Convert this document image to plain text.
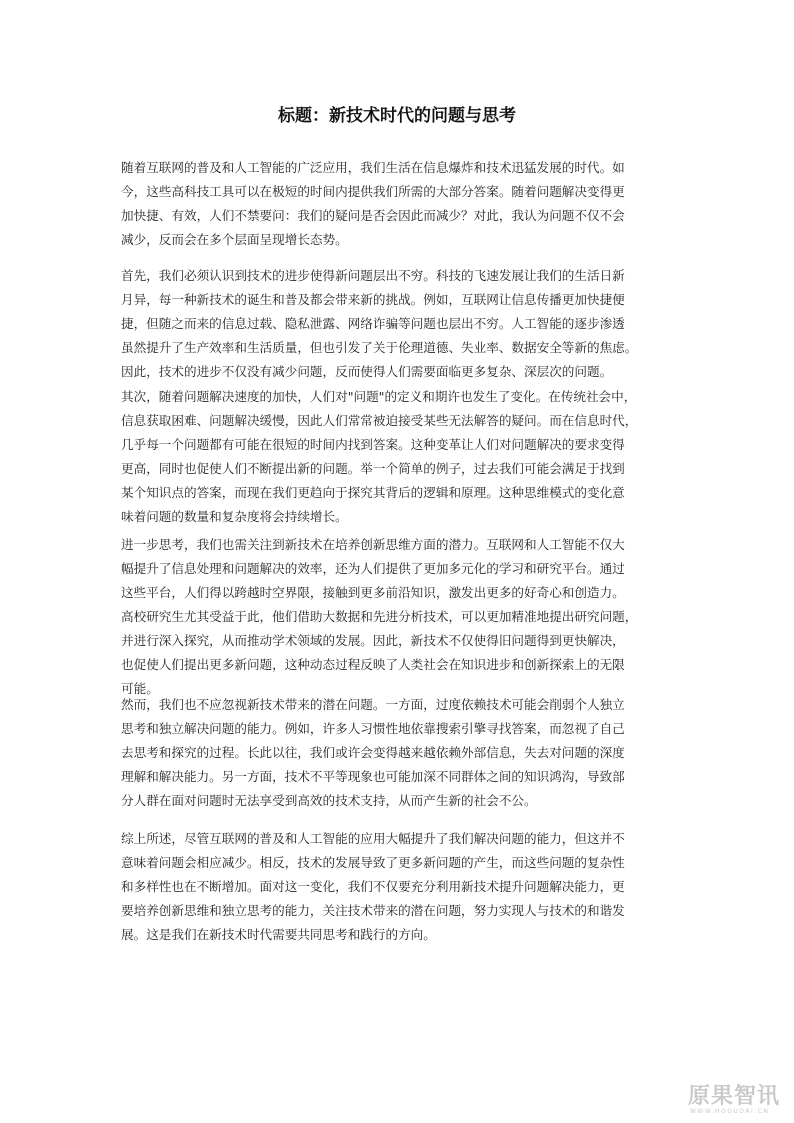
标题：新技术时代的问题与思考
随着互联网的普及和人工智能的广泛应用，我们生活在信息爆炸和技术迅猛发展的时代。如
今，这些高科技工具可以在极短的时间内提供我们所需的大部分答案。随着问题解决变得更
加快捷、有效，人们不禁要问：我们的疑问是否会因此而减少？对此，我认为问题不仅不会
减少，反而会在多个层面呈现增长态势。
首先，我们必须认识到技术的进步使得新问题层出不穷。科技的飞速发展让我们的生活日新
月异，每一种新技术的诞生和普及都会带来新的挑战。例如，互联网让信息传播更加快捷便
捷，但随之而来的信息过载、隐私泄露、网络诈骗等问题也层出不穷。人工智能的逐步渗透
虽然提升了生产效率和生活质量，但也引发了关于伦理道德、失业率、数据安全等新的焦虑。
因此，技术的进步不仅没有减少问题，反而使得人们需要面临更多复杂、深层次的问题。
其次，随着问题解决速度的加快，人们对"问题"的定义和期许也发生了变化。在传统社会中，
信息获取困难、问题解决缓慢，因此人们常常被迫接受某些无法解答的疑问。而在信息时代，
几乎每一个问题都有可能在很短的时间内找到答案。这种变革让人们对问题解决的要求变得
更高，同时也促使人们不断提出新的问题。举一个简单的例子，过去我们可能会满足于找到
某个知识点的答案，而现在我们更趋向于探究其背后的逻辑和原理。这种思维模式的变化意
味着问题的数量和复杂度将会持续增长。
进一步思考，我们也需关注到新技术在培养创新思维方面的潜力。互联网和人工智能不仅大
幅提升了信息处理和问题解决的效率，还为人们提供了更加多元化的学习和研究平台。通过
这些平台，人们得以跨越时空界限，接触到更多前沿知识，激发出更多的好奇心和创造力。
高校研究生尤其受益于此，他们借助大数据和先进分析技术，可以更加精准地提出研究问题，
并进行深入探究，从而推动学术领域的发展。因此，新技术不仅使得旧问题得到更快解决，
也促使人们提出更多新问题，这种动态过程反映了人类社会在知识进步和创新探索上的无限
可能。
然而，我们也不应忽视新技术带来的潜在问题。一方面，过度依赖技术可能会削弱个人独立
思考和独立解决问题的能力。例如，许多人习惯性地依靠搜索引擎寻找答案，而忽视了自己
去思考和探究的过程。长此以往，我们或许会变得越来越依赖外部信息，失去对问题的深度
理解和解决能力。另一方面，技术不平等现象也可能加深不同群体之间的知识鸿沟，导致部
分人群在面对问题时无法享受到高效的技术支持，从而产生新的社会不公。
综上所述，尽管互联网的普及和人工智能的应用大幅提升了我们解决问题的能力，但这并不
意味着问题会相应减少。相反，技术的发展导致了更多新问题的产生，而这些问题的复杂性
和多样性也在不断增加。面对这一变化，我们不仅要充分利用新技术提升问题解决能力，更
要培养创新思维和独立思考的能力，关注技术带来的潜在问题，努力实现人与技术的和谐发
展。这是我们在新技术时代需要共同思考和践行的方向。
原果智讯
WWW.HOGUOAI.CN
